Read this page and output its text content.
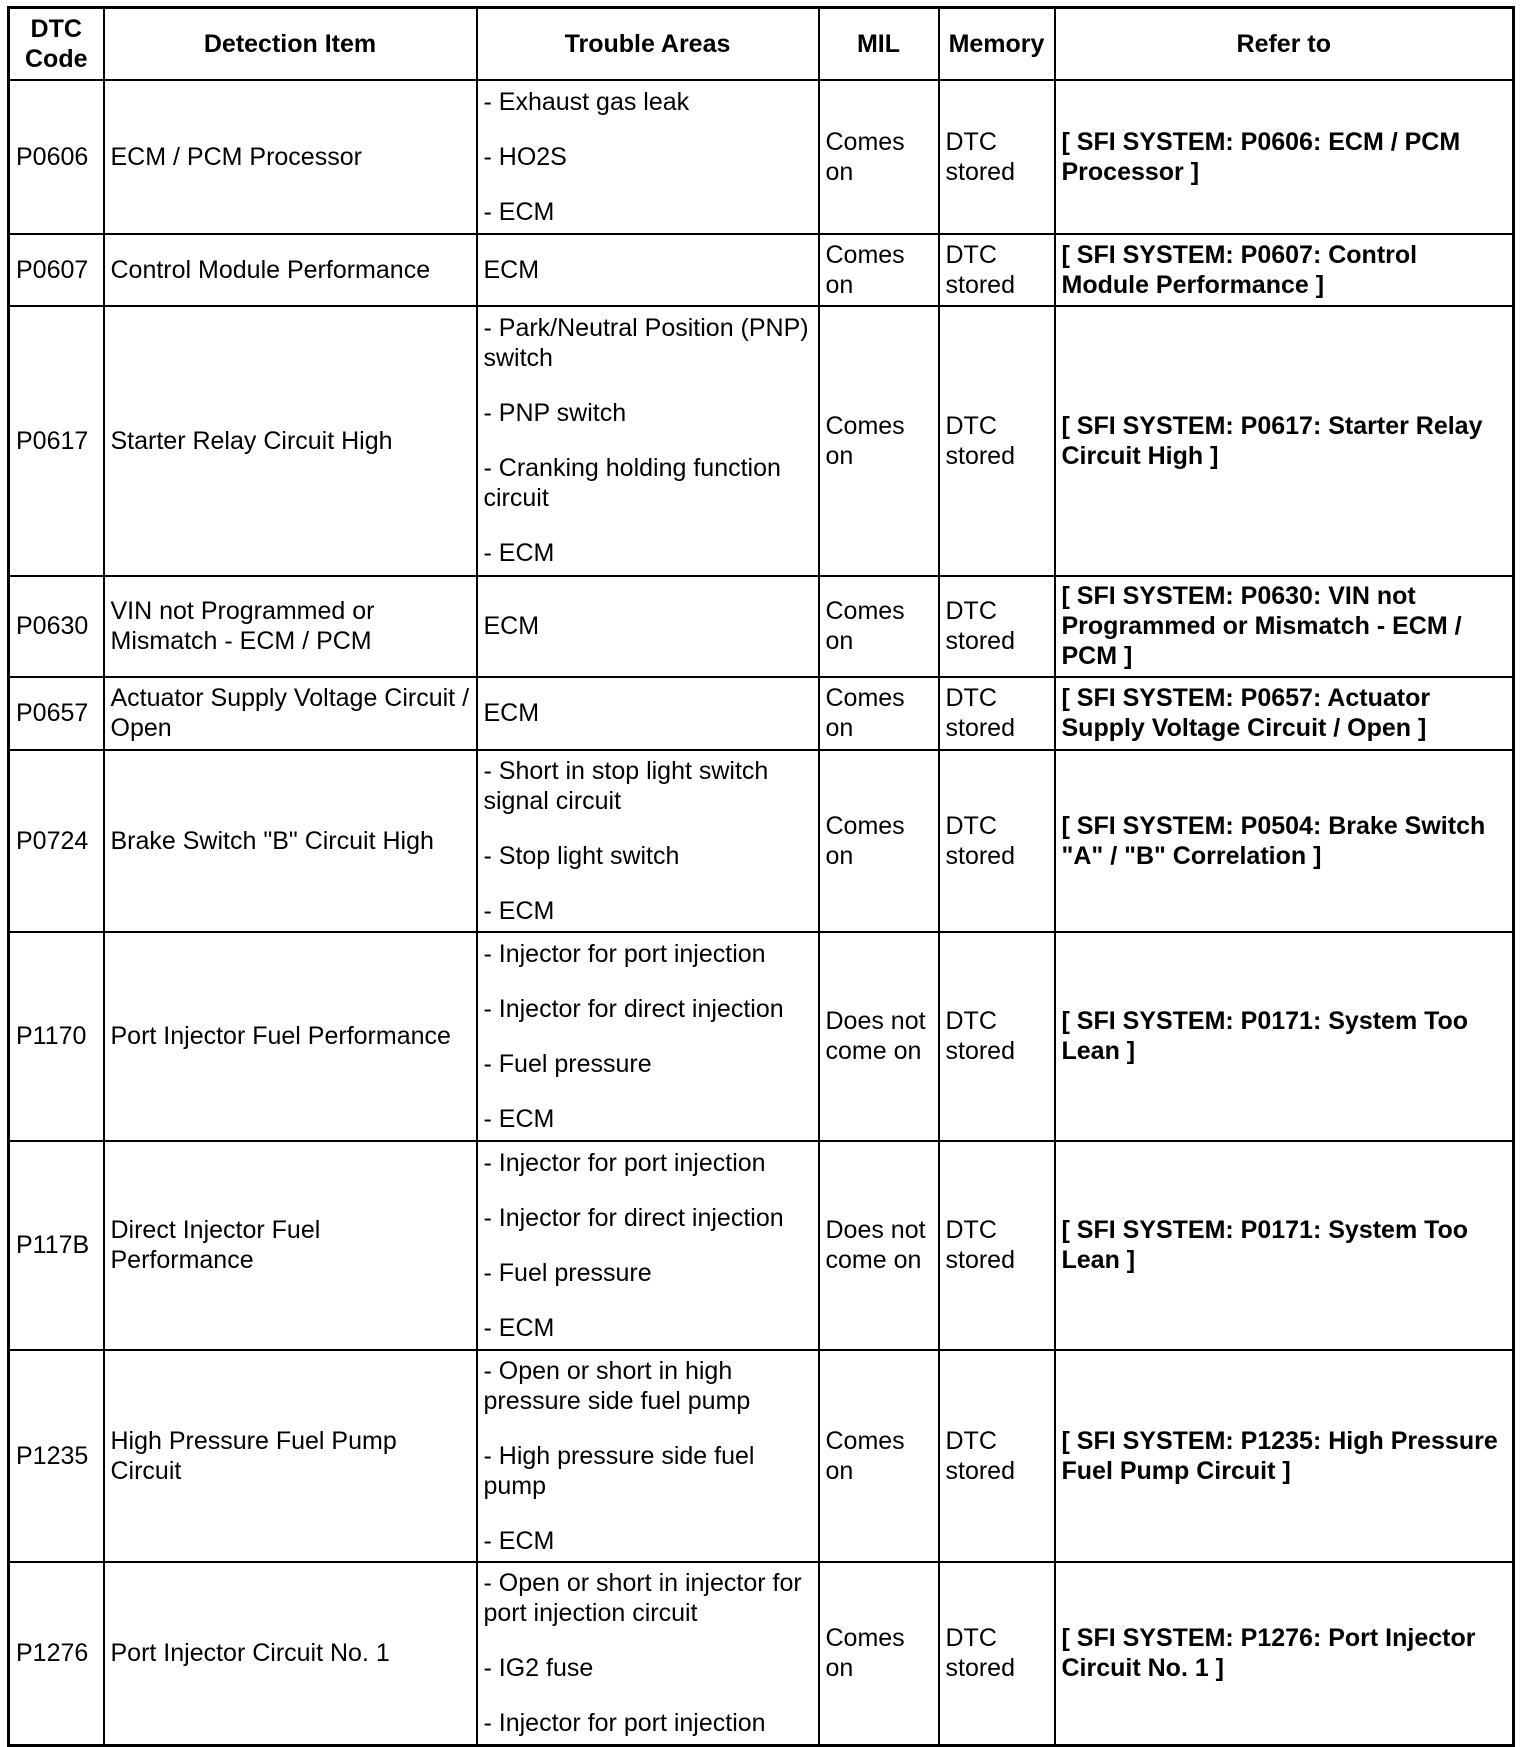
DTC Code	Detection Item	Trouble Areas	MIL	Memory	Refer to
P0606	ECM / PCM Processor	- Exhaust gas leak
- HO2S
- ECM	Comes on	DTC stored	[ SFI SYSTEM: P0606: ECM / PCM Processor ]
P0607	Control Module Performance	ECM	Comes on	DTC stored	[ SFI SYSTEM: P0607: Control Module Performance ]
P0617	Starter Relay Circuit High	- Park/Neutral Position (PNP) switch
- PNP switch
- Cranking holding function circuit
- ECM	Comes on	DTC stored	[ SFI SYSTEM: P0617: Starter Relay Circuit High ]
P0630	VIN not Programmed or Mismatch - ECM / PCM	ECM	Comes on	DTC stored	[ SFI SYSTEM: P0630: VIN not Programmed or Mismatch - ECM / PCM ]
P0657	Actuator Supply Voltage Circuit / Open	ECM	Comes on	DTC stored	[ SFI SYSTEM: P0657: Actuator Supply Voltage Circuit / Open ]
P0724	Brake Switch "B" Circuit High	- Short in stop light switch signal circuit
- Stop light switch
- ECM	Comes on	DTC stored	[ SFI SYSTEM: P0504: Brake Switch "A" / "B" Correlation ]
P1170	Port Injector Fuel Performance	- Injector for port injection
- Injector for direct injection
- Fuel pressure
- ECM	Does not come on	DTC stored	[ SFI SYSTEM: P0171: System Too Lean ]
P117B	Direct Injector Fuel Performance	- Injector for port injection
- Injector for direct injection
- Fuel pressure
- ECM	Does not come on	DTC stored	[ SFI SYSTEM: P0171: System Too Lean ]
P1235	High Pressure Fuel Pump Circuit	- Open or short in high pressure side fuel pump
- High pressure side fuel pump
- ECM	Comes on	DTC stored	[ SFI SYSTEM: P1235: High Pressure Fuel Pump Circuit ]
P1276	Port Injector Circuit No. 1	- Open or short in injector for port injection circuit
- IG2 fuse
- Injector for port injection	Comes on	DTC stored	[ SFI SYSTEM: P1276: Port Injector Circuit No. 1 ]
